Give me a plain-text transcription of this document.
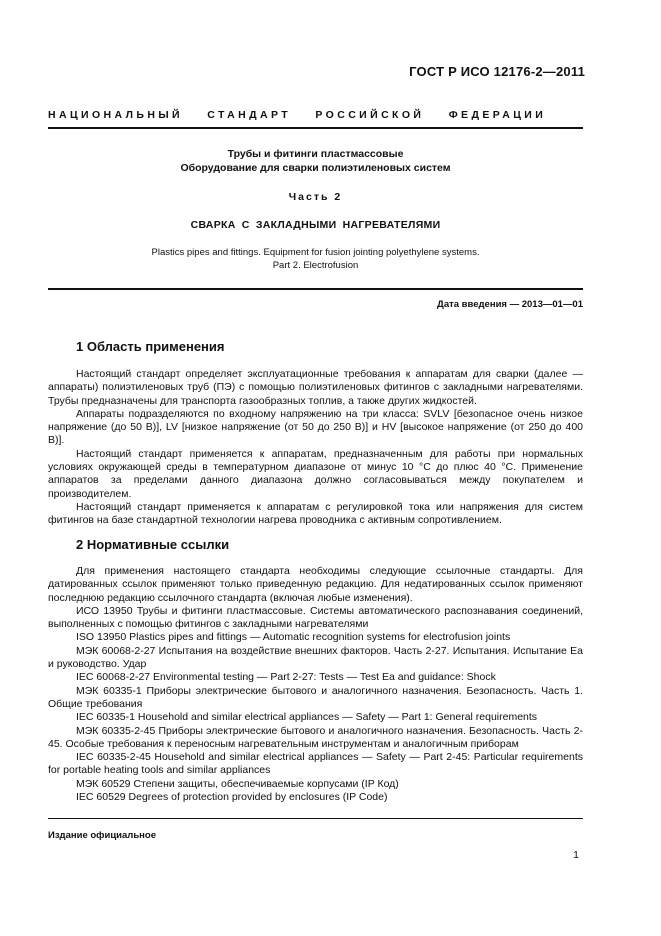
ГОСТ Р ИСО 12176-2—2011
НАЦИОНАЛЬНЫЙ СТАНДАРТ РОССИЙСКОЙ ФЕДЕРАЦИИ
Трубы и фитинги пластмассовые
Оборудование для сварки полиэтиленовых систем
Часть 2
СВАРКА С ЗАКЛАДНЫМИ НАГРЕВАТЕЛЯМИ
Plastics pipes and fittings. Equipment for fusion jointing polyethylene systems.
Part 2. Electrofusion
Дата введения — 2013—01—01
1 Область применения

Настоящий стандарт определяет эксплуатационные требования к аппаратам для сварки (далее — аппараты) полиэтиленовых труб (ПЭ) с помощью полиэтиленовых фитингов с закладными нагревателями. Трубы предназначены для транспорта газообразных топлив, а также других жидкостей.

Аппараты подразделяются по входному напряжению на три класса: SVLV [безопасное очень низкое напряжение (до 50 В)], LV [низкое напряжение (от 50 до 250 В)] и HV [высокое напряжение (от 250 до 400 В)].

Настоящий стандарт применяется к аппаратам, предназначенным для работы при нормальных условиях окружающей среды в температурном диапазоне от минус 10 °С до плюс 40 °С. Применение аппаратов за пределами данного диапазона должно согласовываться между покупателем и производителем.

Настоящий стандарт применяется к аппаратам с регулировкой тока или напряжения для систем фитингов на базе стандартной технологии нагрева проводника с активным сопротивлением.

2 Нормативные ссылки

Для применения настоящего стандарта необходимы следующие ссылочные стандарты. Для датированных ссылок применяют только приведенную редакцию. Для недатированных ссылок применяют последнюю редакцию ссылочного стандарта (включая любые изменения).

ИСО 13950 Трубы и фитинги пластмассовые. Системы автоматического распознавания соединений, выполненных с помощью фитингов с закладными нагревателями

ISO 13950 Plastics pipes and fittings — Automatic recognition systems for electrofusion joints

МЭК 60068-2-27 Испытания на воздействие внешних факторов. Часть 2-27. Испытания. Испытание Еа и руководство. Удар

IEC 60068-2-27 Environmental testing — Part 2-27: Tests — Test Ea and guidance: Shock

МЭК 60335-1 Приборы электрические бытового и аналогичного назначения. Безопасность. Часть 1. Общие требования

IEC 60335-1 Household and similar electrical appliances — Safety — Part 1: General requirements

МЭК 60335-2-45 Приборы электрические бытового и аналогичного назначения. Безопасность. Часть 2-45. Особые требования к переносным нагревательным инструментам и аналогичным приборам

IEC 60335-2-45 Household and similar electrical appliances — Safety — Part 2-45: Particular requirements for portable heating tools and similar appliances

МЭК 60529 Степени защиты, обеспечиваемые корпусами (IP Код)

IEC 60529 Degrees of protection provided by enclosures (IP Code)

Издание официальное
1
